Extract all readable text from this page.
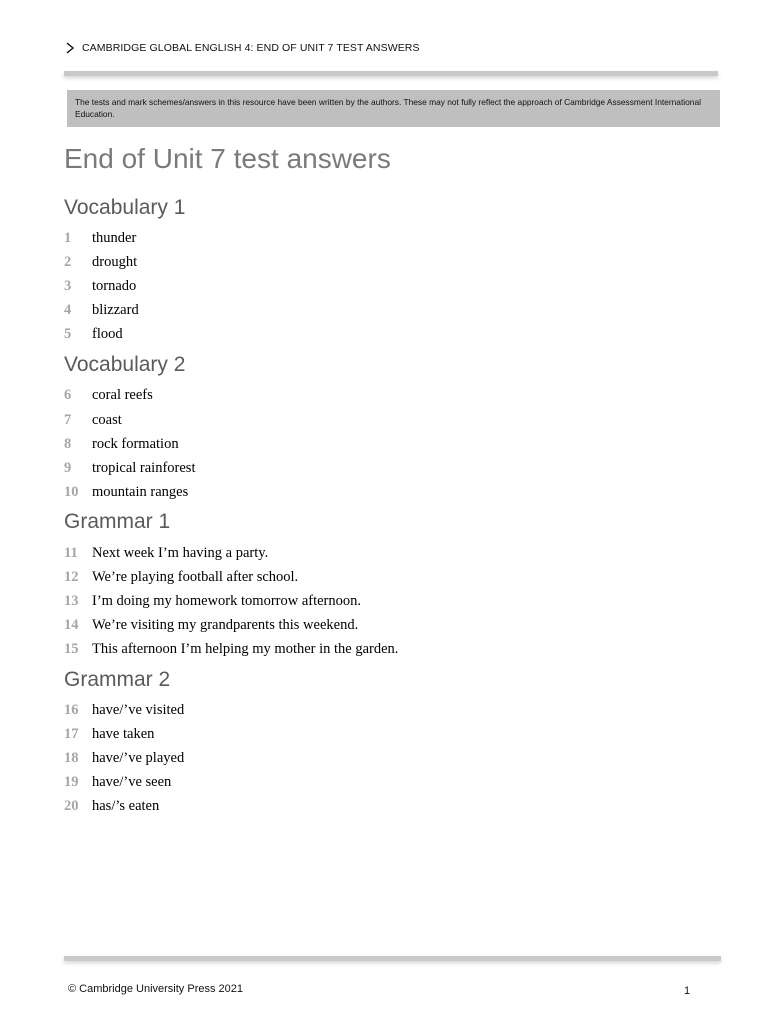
CAMBRIDGE GLOBAL ENGLISH 4: END OF UNIT 7 TEST ANSWERS
The tests and mark schemes/answers in this resource have been written by the authors. These may not fully reflect the approach of Cambridge Assessment International Education.
End of Unit 7 test answers
Vocabulary 1
1	thunder
2	drought
3	tornado
4	blizzard
5	flood
Vocabulary 2
6	coral reefs
7	coast
8	rock formation
9	tropical rainforest
10 mountain ranges
Grammar 1
11 Next week I’m having a party.
12 We’re playing football after school.
13 I’m doing my homework tomorrow afternoon.
14 We’re visiting my grandparents this weekend.
15 This afternoon I’m helping my mother in the garden.
Grammar 2
16 have/’ve visited
17 have taken
18 have/’ve played
19 have/’ve seen
20 has/’s eaten
© Cambridge University Press 2021	1
